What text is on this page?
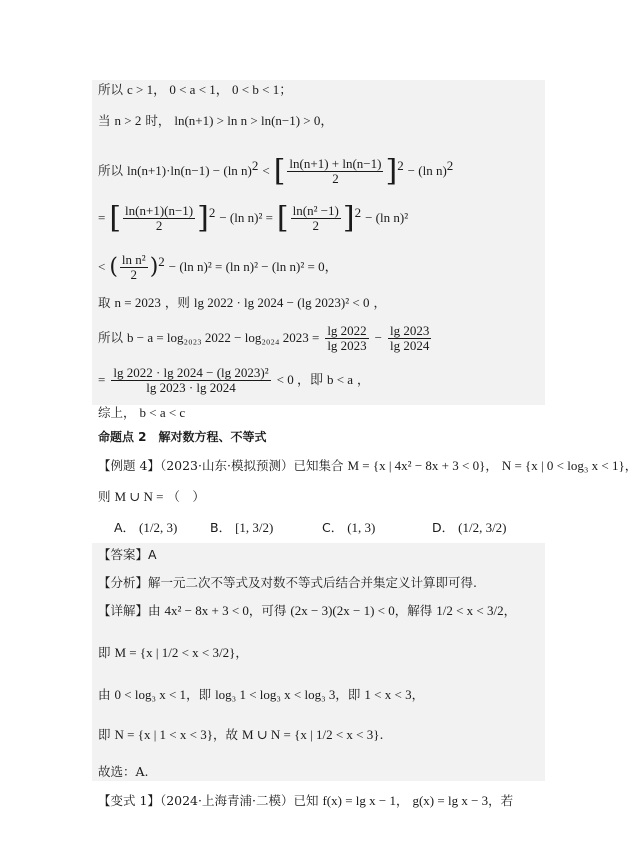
所以 c > 1， 0 < a < 1， 0 < b < 1；
当 n > 2 时， ln(n+1) > ln n > ln(n−1) > 0，
所以 ln(n+1)·ln(n−1) − (ln n)$^2$ < [ $\frac{\ln(n+1) + \ln(n-1)}{2} ]^2 - (\ln$ n)$^2$
= [ $\frac{\ln(n+1)(n-1)}{2} ]^2 - (\ln$ n)² = [ $\frac{\text{ln(n² −1)}}{2} ]^2 - (\ln$ n)²
< ( $\frac{\text{ln n²}}{2} )^2 - (\ln$ n)² = (ln n)² − (ln n)² = 0，
取 n = 2023 ，则 lg 2022 · lg 2024 − (lg 2023)² < 0 ，
所以 b − a = log₂₀₂₃ 2022 − log₂₀₂₄ $2023 = \frac{\lg 2022}{\lg 2023} - \frac{\lg 2023}{\lg 2024}$
= $\frac{\text{lg 2022 · lg 2024 − (lg 2023)²}}{\lg 2023 \cdot \lg 2024} < 0$ ，即 b < a ，
综上， b < a < c
命题点 2　解对数方程、不等式
【例题 4】（2023·山东·模拟预测）已知集合 M = {x | 4x² − 8x + 3 < 0}， N = {x | 0 < log₃ x < 1}，
则 M ∪ N = （　）
A． (1/2, 3)	B． [1, 3/2)	C． (1, 3)	D． (1/2, 3/2)
【答案】A
【分析】解一元二次不等式及对数不等式后结合并集定义计算即可得.
【详解】由 4x² − 8x + 3 < 0，可得 (2x − 3)(2x − 1) < 0，解得 1/2 < x < 3/2，
即 M = {x | 1/2 < x < 3/2}，
由 0 < log₃ x < 1，即 log₃ 1 < log₃ x < log₃ 3，即 1 < x < 3，
即 N = {x | 1 < x < 3}，故 M ∪ N = {x | 1/2 < x < 3}.
故选：A.
【变式 1】（2024·上海青浦·二模）已知 f(x) = lg x − 1， g(x) = lg x − 3，若
